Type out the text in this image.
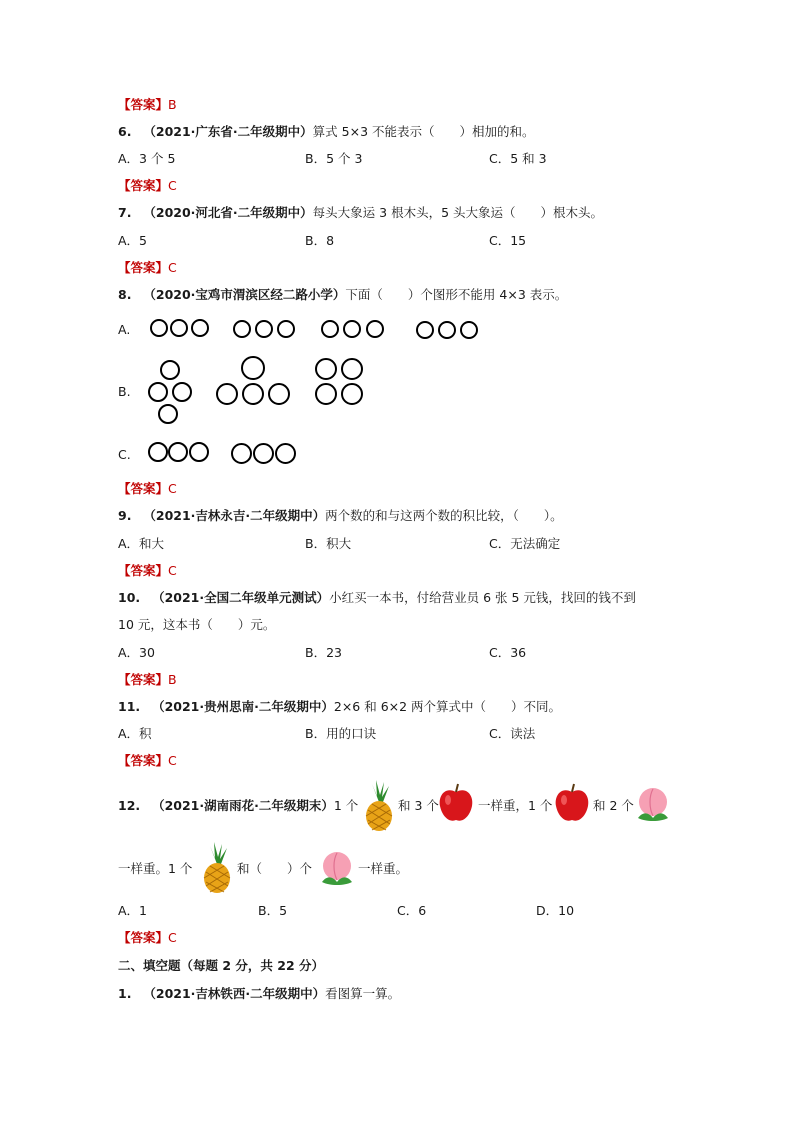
【答案】B
6. （2021·广东省·二年级期中）算式 5×3 不能表示（　　）相加的和。
A．3 个 5	B．5 个 3	C．5 和 3
【答案】C
7. （2020·河北省·二年级期中）每头大象运 3 根木头，5 头大象运（　　）根木头。
A．5	B．8	C．15
【答案】C
8. （2020·宝鸡市渭滨区经二路小学）下面（　　）个图形不能用 4×3 表示。
A.
B.
C.
【答案】C
9. （2021·吉林永吉·二年级期中）两个数的和与这两个数的积比较，（　　）。
A．和大	B．积大	C．无法确定
【答案】C
10. （2021·全国二年级单元测试）小红买一本书，付给营业员 6 张 5 元钱，找回的钱不到
10 元，这本书（　　）元。
A．30	B．23	C．36
【答案】B
11. （2021·贵州思南·二年级期中）2×6 和 6×2 两个算式中（　　）不同。
A．积	B．用的口诀	C．读法
【答案】C
12. （2021·湖南雨花·二年级期末）1 个	和 3 个	一样重，1 个	和 2 个
一样重。1 个	和（　　）个	一样重。
A．1	B．5	C．6	D．10
【答案】C
二、填空题（每题 2 分，共 22 分）
1. （2021·吉林铁西·二年级期中）看图算一算。
